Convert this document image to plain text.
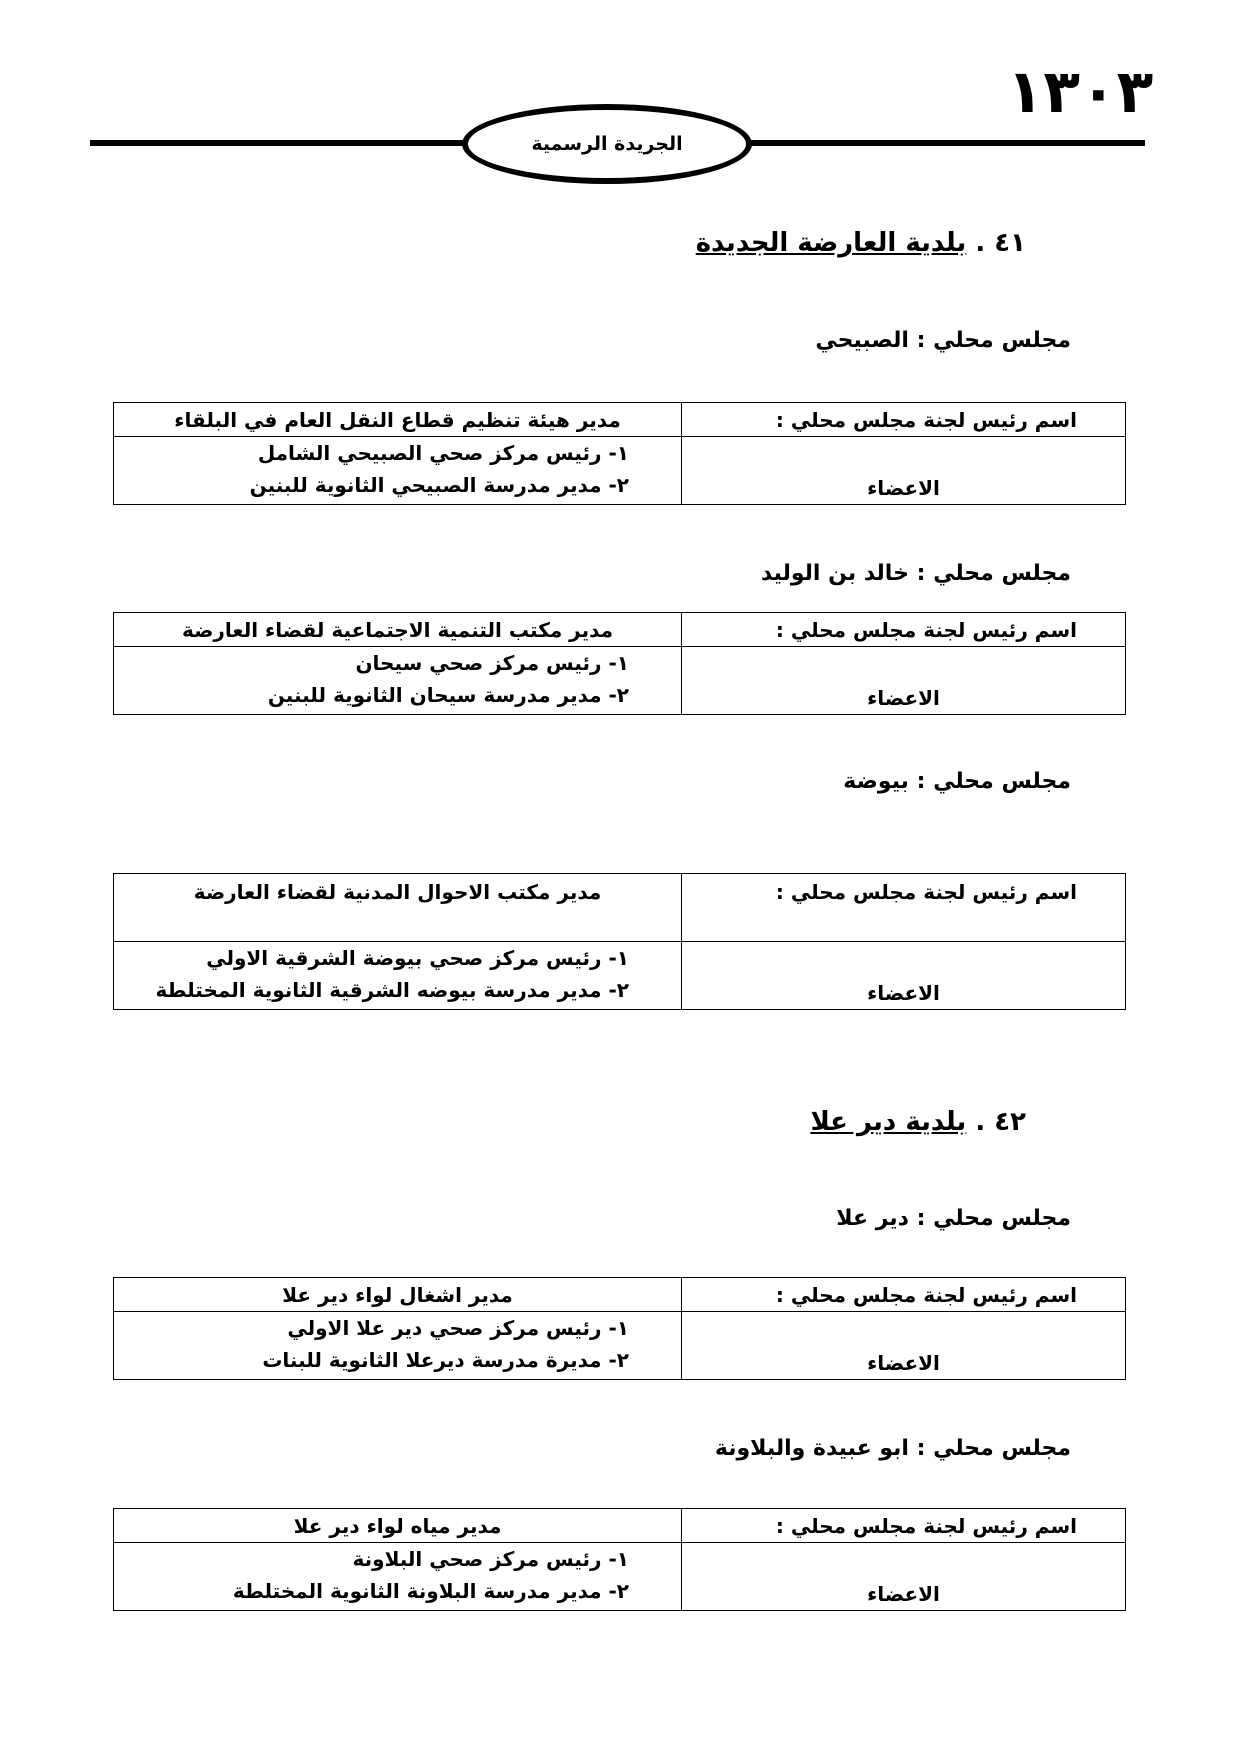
١٣٠٣
الجريدة الرسمية
٤١ . بلدية العارضة الجديدة
مجلس محلي : الصبيحي
اسم رئيس لجنة مجلس محلي :	مدير هيئة تنظيم قطاع النقل العام في البلقاء
الاعضاء	١- رئيس مركز صحي الصبيحي الشامل
٢- مدير مدرسة الصبيحي الثانوية للبنين
مجلس محلي : خالد بن الوليد
اسم رئيس لجنة مجلس محلي :	مدير مكتب التنمية الاجتماعية لقضاء العارضة
الاعضاء	١- رئيس مركز صحي سيحان
٢- مدير مدرسة سيحان الثانوية للبنين
مجلس محلي : بيوضة
اسم رئيس لجنة مجلس محلي :	مدير مكتب الاحوال المدنية لقضاء العارضة
الاعضاء	١- رئيس مركز صحي بيوضة الشرقية الاولي
٢- مدير مدرسة بيوضه الشرقية الثانوية المختلطة
٤٢ . بلدية دير علا
مجلس محلي : دير علا
اسم رئيس لجنة مجلس محلي :	مدير اشغال لواء دير علا
الاعضاء	١- رئيس مركز صحي دير علا الاولي
٢- مديرة مدرسة ديرعلا الثانوية للبنات
مجلس محلي : ابو عبيدة والبلاونة
اسم رئيس لجنة مجلس محلي :	مدير مياه لواء دير علا
الاعضاء	١- رئيس مركز صحي البلاونة
٢- مدير مدرسة البلاونة الثانوية المختلطة
